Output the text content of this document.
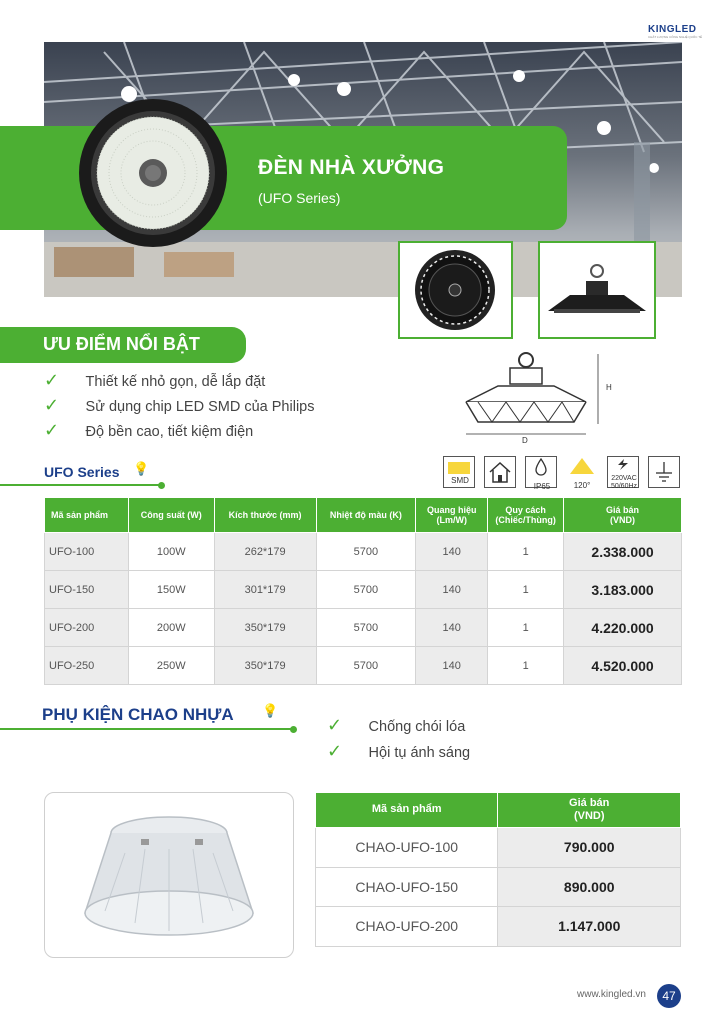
KINGLED
CHẤT LƯỢNG CÔNG NGHỆ QUỐC TẾ
ĐÈN NHÀ XƯỞNG
(UFO Series)
ƯU ĐIỂM NỔI BẬT
✓ Thiết kế nhỏ gọn, dễ lắp đặt
✓ Sử dụng chip LED SMD của Philips
✓ Độ bền cao, tiết kiệm điện
H
D
UFO Series 💡
SMD
IP65	120°
220VAC
50/60Hz
Mã sản phẩm	Công suất (W)	Kích thước (mm)	Nhiệt độ màu (K)	Quang hiệu
(Lm/W)	Quy cách
(Chiếc/Thùng)	Giá bán
(VND)
UFO-100	100W	262*179	5700	140	1	2.338.000
UFO-150	150W	301*179	5700	140	1	3.183.000
UFO-200	200W	350*179	5700	140	1	4.220.000
UFO-250	250W	350*179	5700	140	1	4.520.000
PHỤ KIỆN CHAO NHỰA 💡
✓ Chống chói lóa
✓ Hội tụ ánh sáng
Mã sản phẩm	Giá bán
(VND)
CHAO-UFO-100	790.000
CHAO-UFO-150	890.000
CHAO-UFO-200	1.147.000
www.kingled.vn	47
